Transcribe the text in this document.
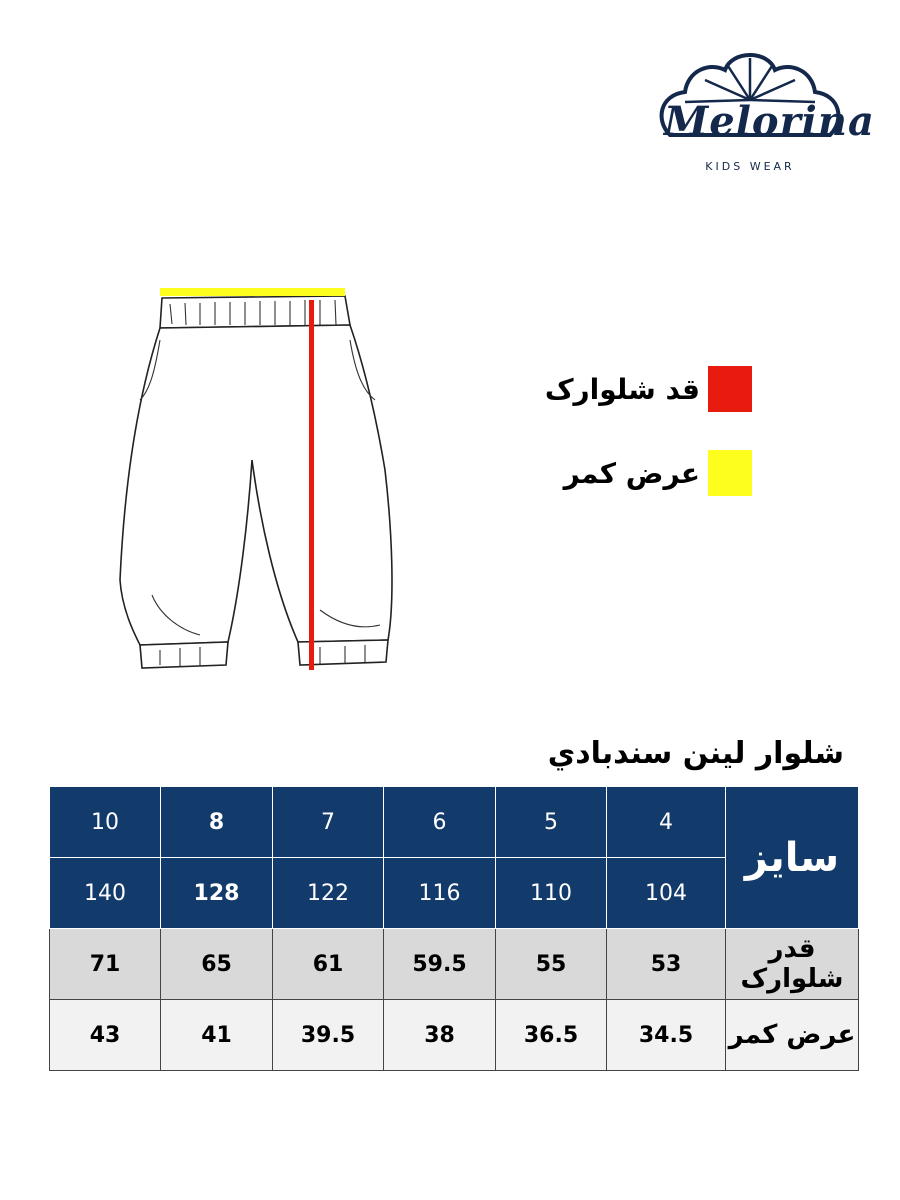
Melorina
KIDS WEAR
قد شلوارک
عرض کمر
شلوار لینن سندبادي
10	8	7	6	5	4	سایز
140	128	122	116	110	104	
71	65	61	59.5	55	53	قدر شلوارک
43	41	39.5	38	36.5	34.5	عرض کمر
